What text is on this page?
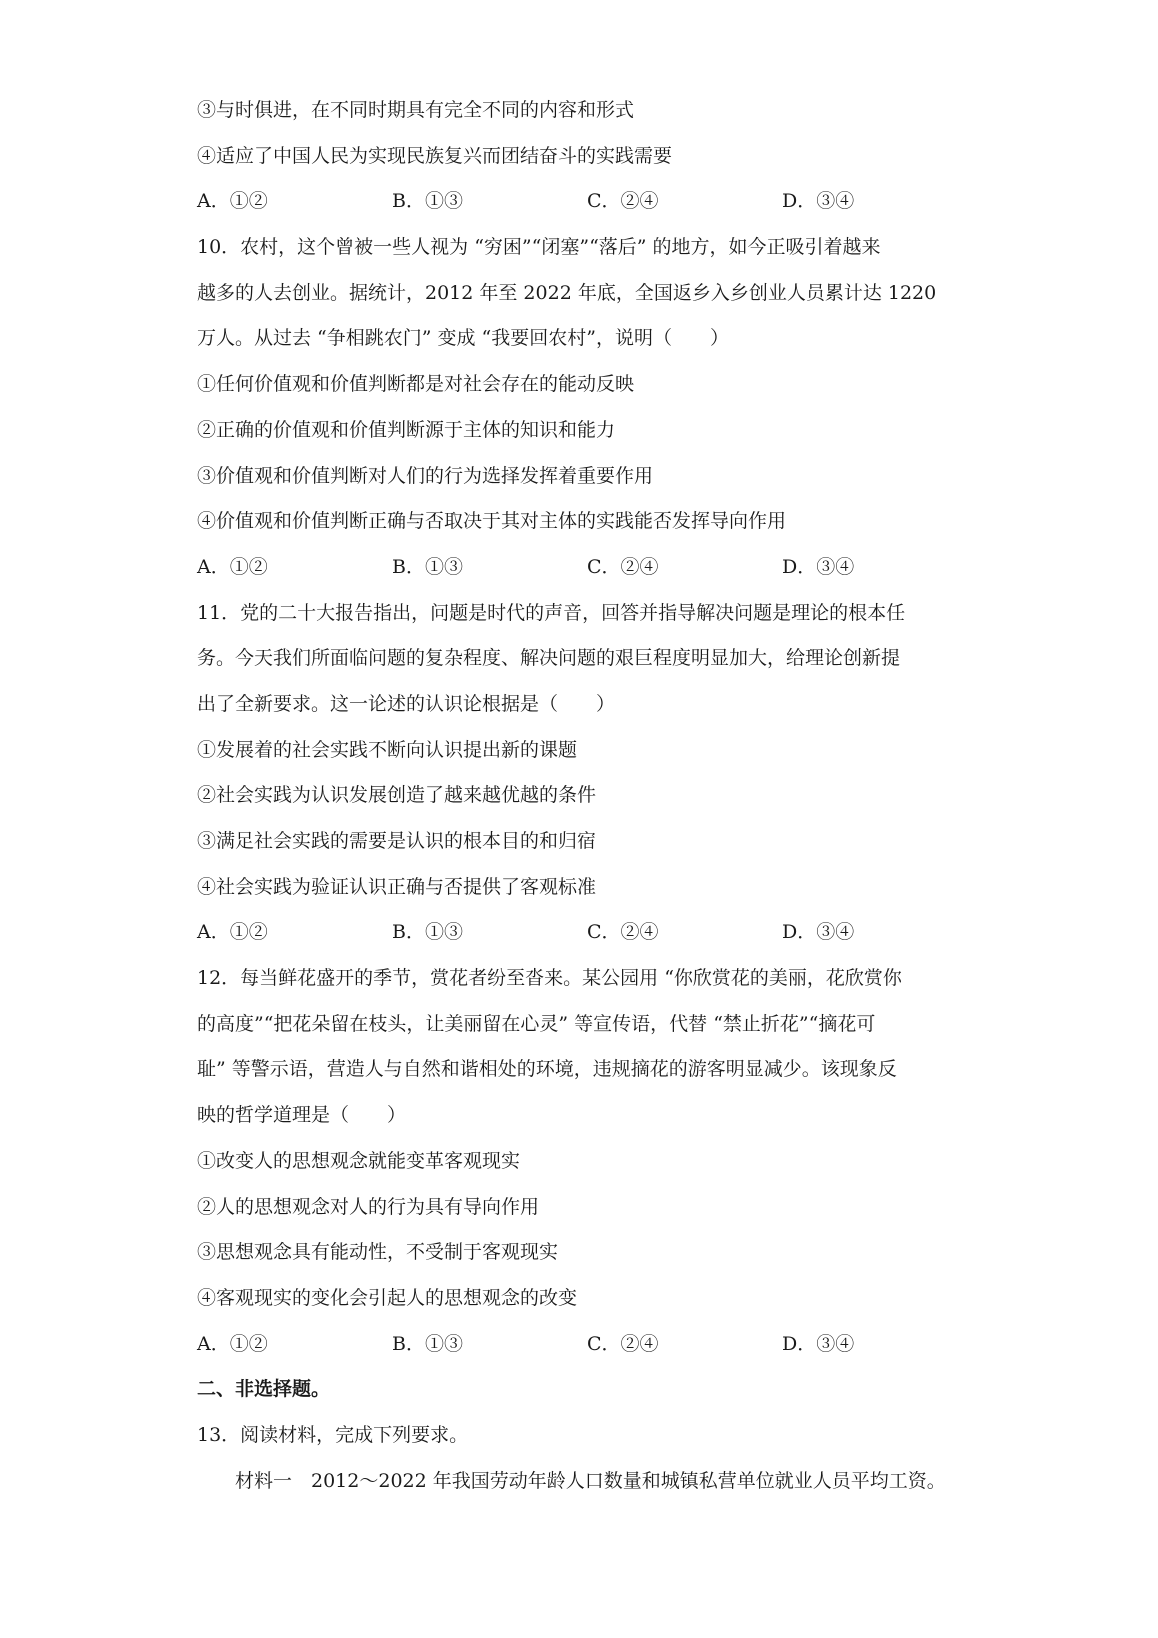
③与时俱进，在不同时期具有完全不同的内容和形式
④适应了中国人民为实现民族复兴而团结奋斗的实践需要
A．①②	B．①③	C．②④	D．③④
10．农村，这个曾被一些人视为 “穷困”“闭塞”“落后” 的地方，如今正吸引着越来
越多的人去创业。据统计，2012 年至 2022 年底，全国返乡入乡创业人员累计达 1220
万人。从过去 “争相跳农门” 变成 “我要回农村”，说明（　　）
①任何价值观和价值判断都是对社会存在的能动反映
②正确的价值观和价值判断源于主体的知识和能力
③价值观和价值判断对人们的行为选择发挥着重要作用
④价值观和价值判断正确与否取决于其对主体的实践能否发挥导向作用
A．①②	B．①③	C．②④	D．③④
11．党的二十大报告指出，问题是时代的声音，回答并指导解决问题是理论的根本任
务。今天我们所面临问题的复杂程度、解决问题的艰巨程度明显加大，给理论创新提
出了全新要求。这一论述的认识论根据是（　　）
①发展着的社会实践不断向认识提出新的课题
②社会实践为认识发展创造了越来越优越的条件
③满足社会实践的需要是认识的根本目的和归宿
④社会实践为验证认识正确与否提供了客观标准
A．①②	B．①③	C．②④	D．③④
12．每当鲜花盛开的季节，赏花者纷至沓来。某公园用 “你欣赏花的美丽，花欣赏你
的高度”“把花朵留在枝头，让美丽留在心灵” 等宣传语，代替 “禁止折花”“摘花可
耻” 等警示语，营造人与自然和谐相处的环境，违规摘花的游客明显减少。该现象反
映的哲学道理是（　　）
①改变人的思想观念就能变革客观现实
②人的思想观念对人的行为具有导向作用
③思想观念具有能动性，不受制于客观现实
④客观现实的变化会引起人的思想观念的改变
A．①②	B．①③	C．②④	D．③④
二、非选择题。
13．阅读材料，完成下列要求。
材料一　2012～2022 年我国劳动年龄人口数量和城镇私营单位就业人员平均工资。
